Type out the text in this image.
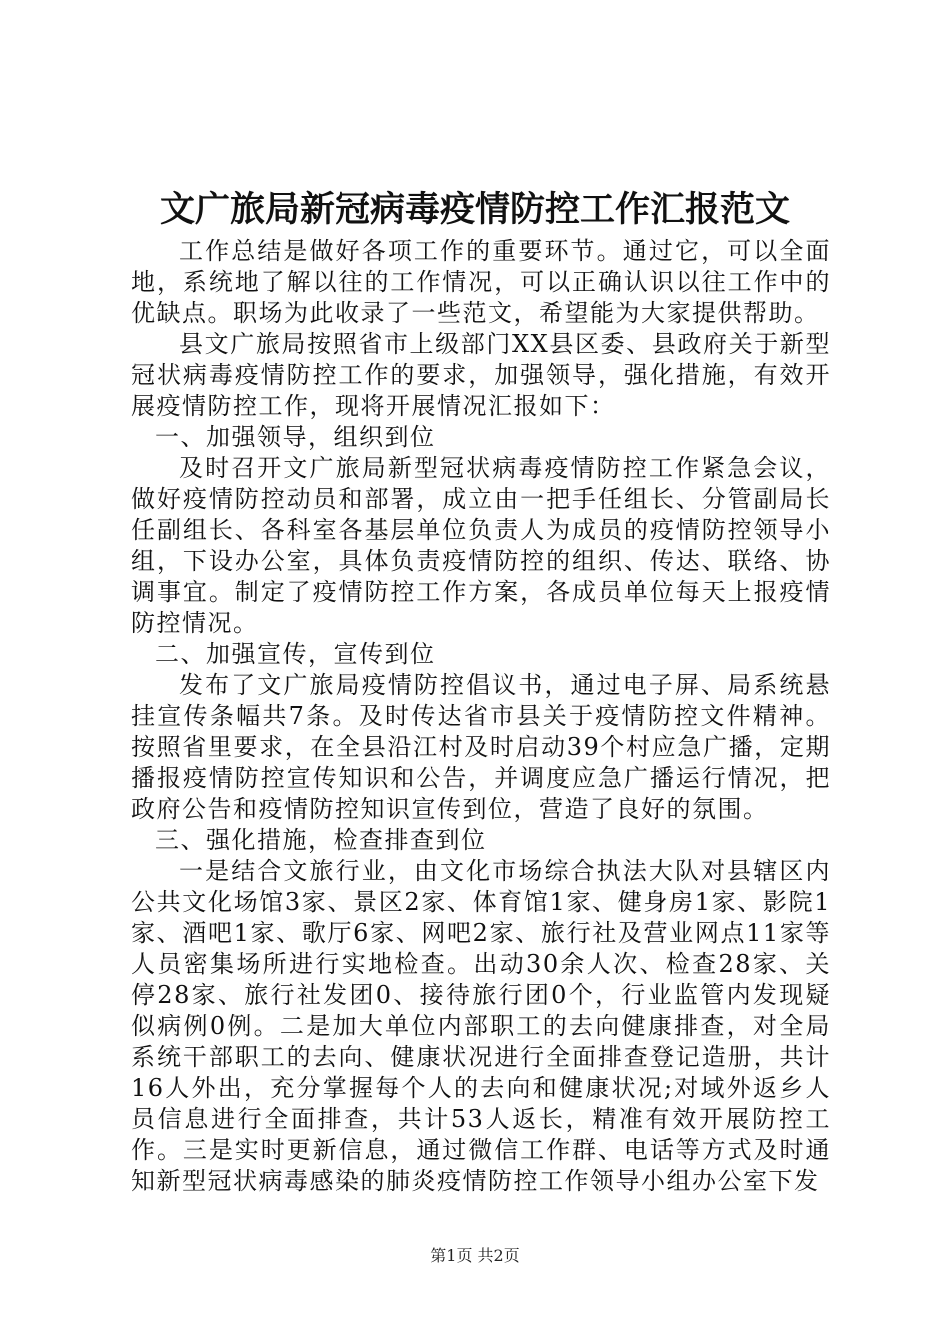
文广旅局新冠病毒疫情防控工作汇报范文

工作总结是做好各项工作的重要环节。通过它，可以全面地，系统地了解以往的工作情况，可以正确认识以往工作中的优缺点。职场为此收录了一些范文，希望能为大家提供帮助。

县文广旅局按照省市上级部门XX县区委、县政府关于新型冠状病毒疫情防控工作的要求，加强领导，强化措施，有效开展疫情防控工作，现将开展情况汇报如下：

一、加强领导，组织到位

及时召开文广旅局新型冠状病毒疫情防控工作紧急会议，做好疫情防控动员和部署，成立由一把手任组长、分管副局长任副组长、各科室各基层单位负责人为成员的疫情防控领导小组，下设办公室，具体负责疫情防控的组织、传达、联络、协调事宜。制定了疫情防控工作方案，各成员单位每天上报疫情防控情况。

二、加强宣传，宣传到位

发布了文广旅局疫情防控倡议书，通过电子屏、局系统悬挂宣传条幅共7条。及时传达省市县关于疫情防控文件精神。按照省里要求，在全县沿江村及时启动39个村应急广播，定期播报疫情防控宣传知识和公告，并调度应急广播运行情况，把政府公告和疫情防控知识宣传到位，营造了良好的氛围。

三、强化措施，检查排查到位

一是结合文旅行业，由文化市场综合执法大队对县辖区内公共文化场馆3家、景区2家、体育馆1家、健身房1家、影院1家、酒吧1家、歌厅6家、网吧2家、旅行社及营业网点11家等人员密集场所进行实地检查。出动30余人次、检查28家、关停28家、旅行社发团0、接待旅行团0个，行业监管内发现疑似病例0例。二是加大单位内部职工的去向健康排查，对全局系统干部职工的去向、健康状况进行全面排查登记造册，共计16人外出，充分掌握每个人的去向和健康状况;对域外返乡人员信息进行全面排查，共计53人返长，精准有效开展防控工作。三是实时更新信息，通过微信工作群、电话等方式及时通知新型冠状病毒感染的肺炎疫情防控工作领导小组办公室下发

第1页 共2页
